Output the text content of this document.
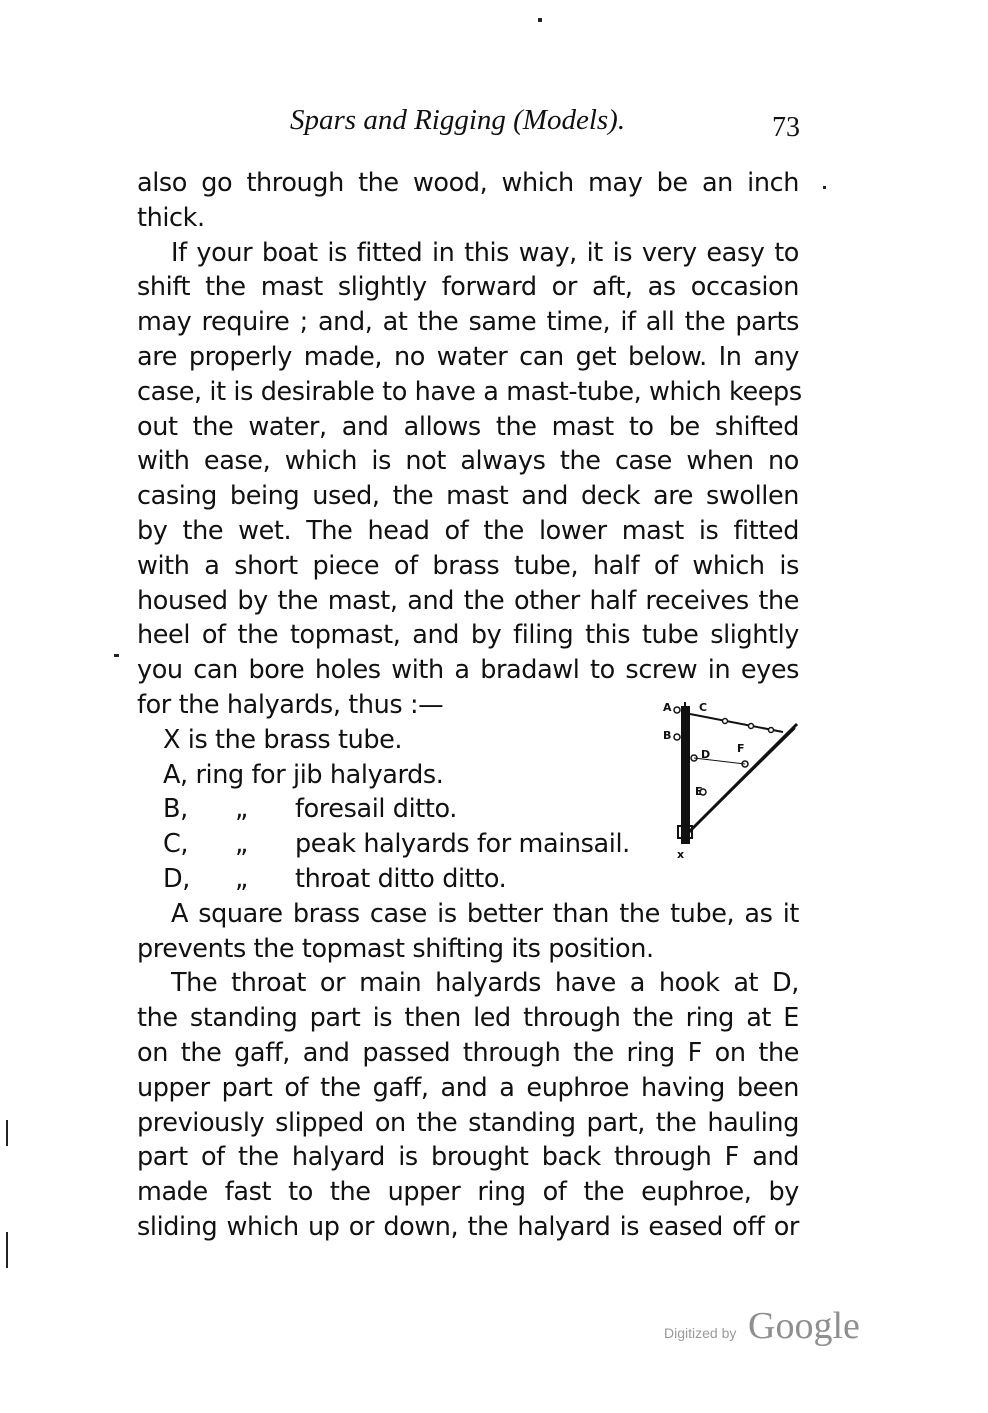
Spars and Rigging (Models).	73
also go through the wood, which may be an inch
thick.
If your boat is fitted in this way, it is very easy to
shift the mast slightly forward or aft, as occasion
may require ; and, at the same time, if all the parts
are properly made, no water can get below. In any
case, it is desirable to have a mast-tube, which keeps
out the water, and allows the mast to be shifted
with ease, which is not always the case when no
casing being used, the mast and deck are swollen
by the wet. The head of the lower mast is fitted
with a short piece of brass tube, half of which is
housed by the mast, and the other half receives the
heel of the topmast, and by filing this tube slightly
you can bore holes with a bradawl to screw in eyes
for the halyards, thus :—
X is the brass tube.
A, ring for jib halyards.
B, „ foresail ditto.
C, „ peak halyards for mainsail.
D, „ throat ditto ditto.
A square brass case is better than the tube, as it
prevents the topmast shifting its position.
The throat or main halyards have a hook at D,
the standing part is then led through the ring at E
on the gaff, and passed through the ring F on the
upper part of the gaff, and a euphroe having been
previously slipped on the standing part, the hauling
part of the halyard is brought back through F and
made fast to the upper ring of the euphroe, by
sliding which up or down, the halyard is eased off or
A C
B
D
E
F
x
Digitized by Google
